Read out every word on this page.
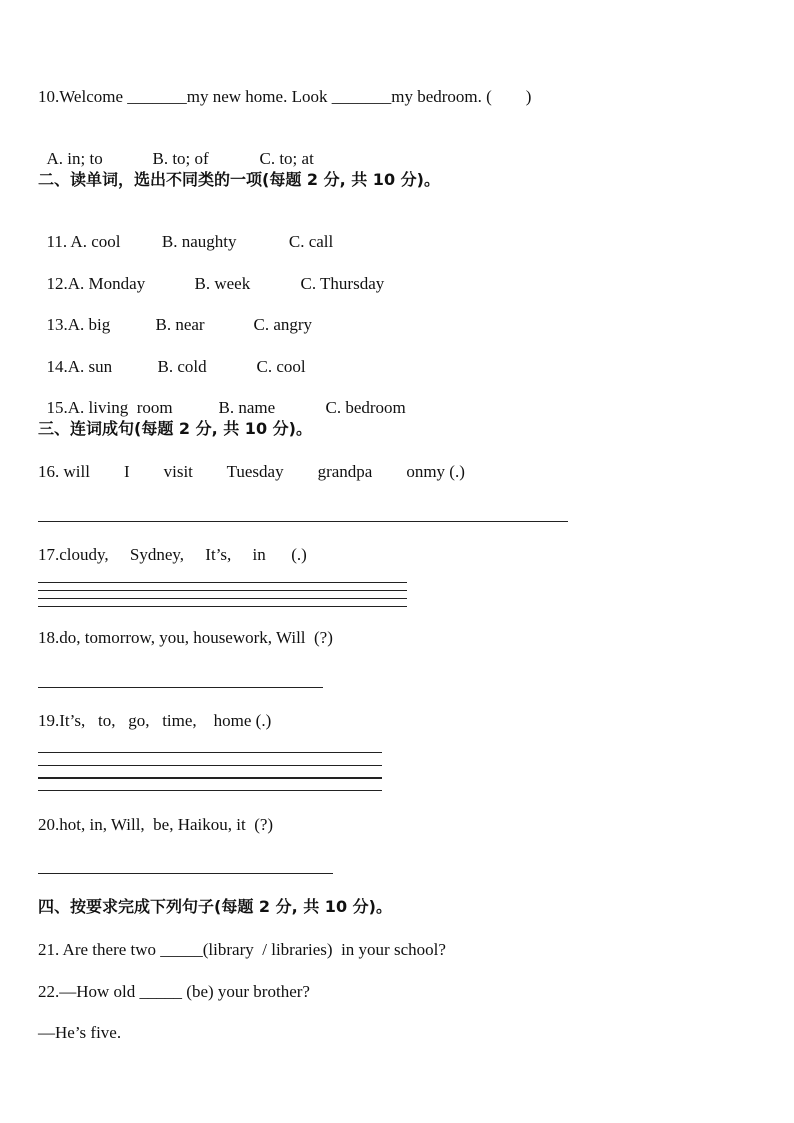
10.Welcome _______my new home. Look _______my bedroom. (        )

A. in; to	B. to; of	C. to; at

二、读单词，选出不同类的一项(每题 2 分, 共 10 分)。

11. A. cool B. naughty	C. call

12.A. Monday	B. week	C. Thursday

13.A. big	B. near	C. angry

14.A. sun	B. cold	C. cool

15.A. living  room	B. name	C. bedroom

三、连词成句(每题 2 分, 共 10 分)。
16. will        I        visit        Tuesday        grandpa        onmy (.)
17.cloudy,     Sydney,     It’s,     in      (.)
18.do, tomorrow, you, housework, Will  (?)
19.It’s,   to,   go,   time,    home (.)
20.hot, in, Will,  be, Haikou, it  (?)
四、按要求完成下列句子(每题 2 分, 共 10 分)。
21. Are there two _____(library  / libraries)  in your school?
22.—How old _____ (be) your brother?
—He’s five.
